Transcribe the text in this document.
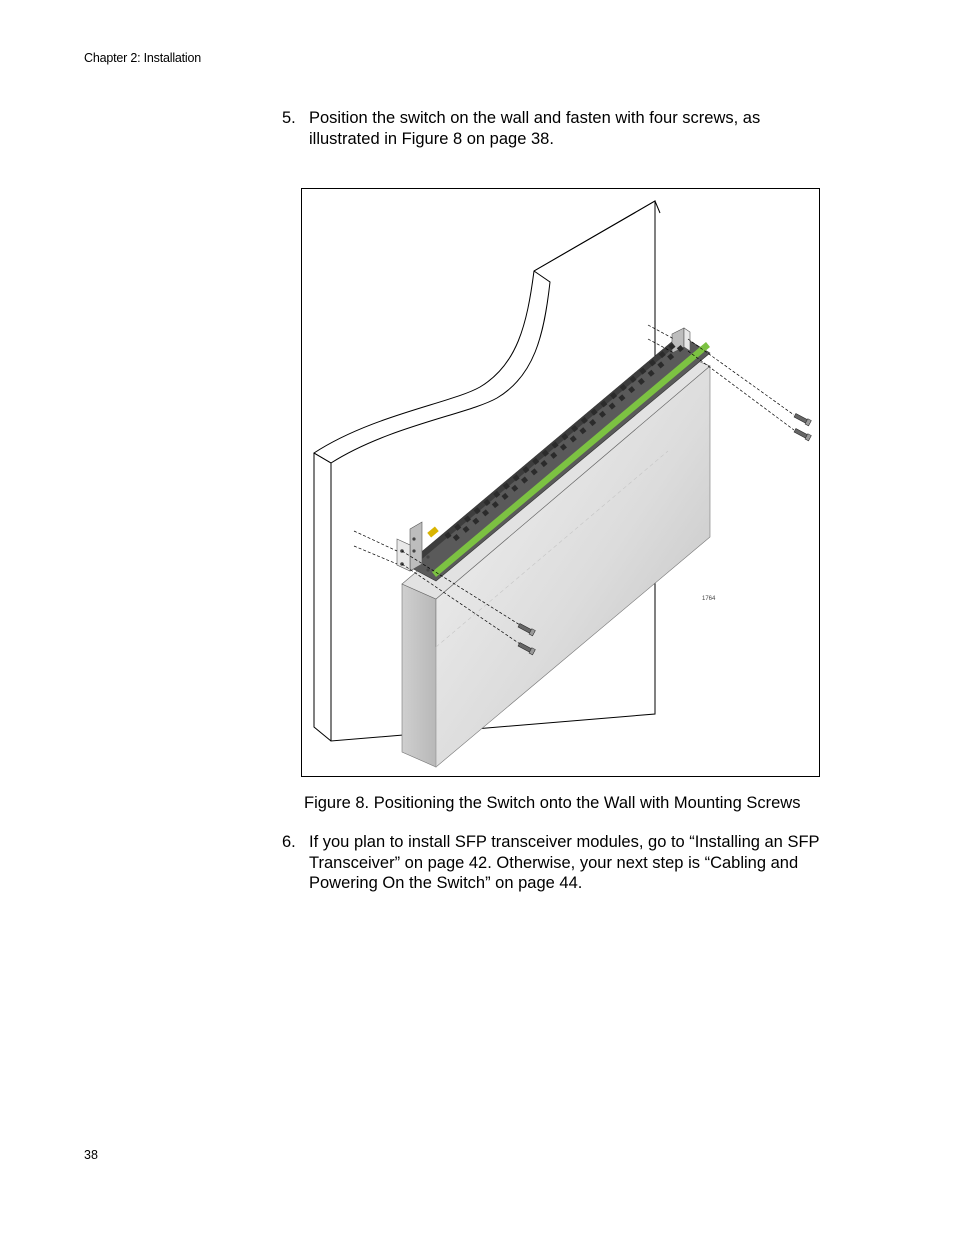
Chapter 2: Installation
5. Position the switch on the wall and fasten with four screws, as
illustrated in Figure 8 on page 38.
1764
Figure 8. Positioning the Switch onto the Wall with Mounting Screws
6. If you plan to install SFP transceiver modules, go to “Installing an SFP
Transceiver” on page 42. Otherwise, your next step is “Cabling and
Powering On the Switch” on page 44.
38
